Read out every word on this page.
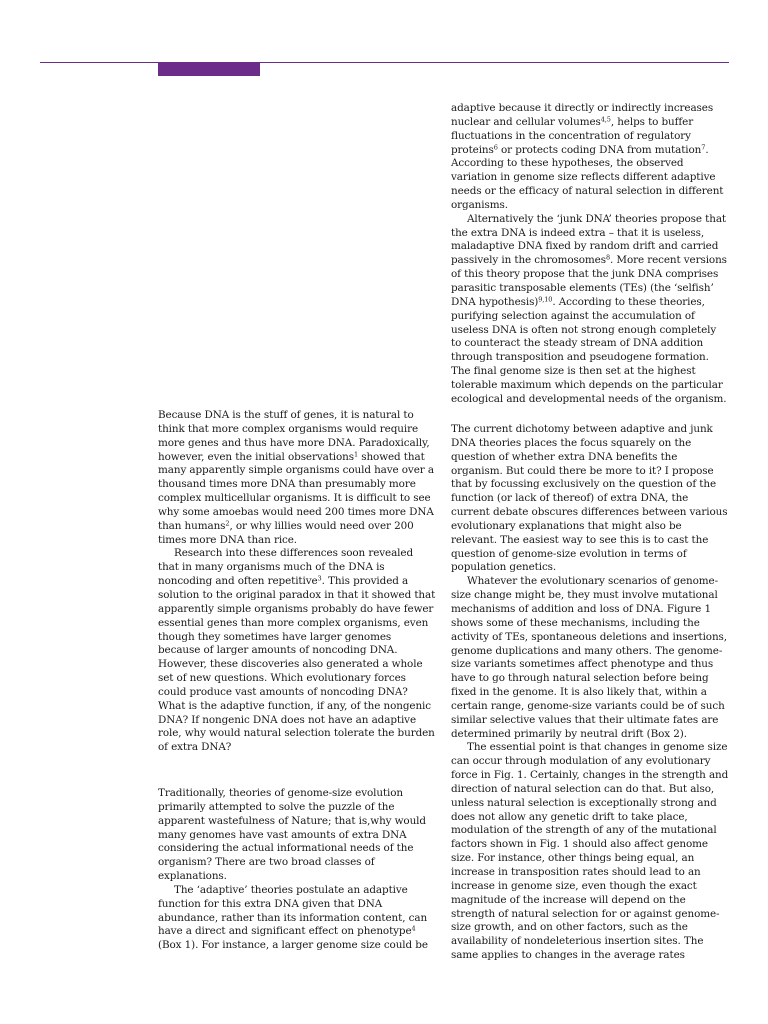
Because DNA is the stuff of genes, it is natural to think that more complex organisms would require more genes and thus have more DNA. Paradoxically, however, even the initial observations$^1$ showed that many apparently simple organisms could have over a thousand times more DNA than presumably more complex multicellular organisms. It is difficult to see why some amoebas would need 200 times more DNA than humans$^2$, or why lillies would need over 200 times more DNA than rice.

Research into these differences soon revealed that in many organisms much of the DNA is noncoding and often repetitive$^3$. This provided a solution to the original paradox in that it showed that apparently simple organisms probably do have fewer essential genes than more complex organisms, even though they sometimes have larger genomes because of larger amounts of noncoding DNA. However, these discoveries also generated a whole set of new questions. Which evolutionary forces could produce vast amounts of noncoding DNA? What is the adaptive function, if any, of the nongenic DNA? If nongenic DNA does not have an adaptive role, why would natural selection tolerate the burden of extra DNA?

Traditionally, theories of genome-size evolution primarily attempted to solve the puzzle of the apparent wastefulness of Nature; that is,why would many genomes have vast amounts of extra DNA considering the actual informational needs of the organism? There are two broad classes of explanations.

The ‘adaptive’ theories postulate an adaptive function for this extra DNA given that DNA abundance, rather than its information content, can have a direct and significant effect on phenotype$^4$ (Box 1). For instance, a larger genome size could be

adaptive because it directly or indirectly increases nuclear and cellular volumes$^{4,5}$, helps to buffer fluctuations in the concentration of regulatory proteins$^6$ or protects coding DNA from mutation$^7$. According to these hypotheses, the observed variation in genome size reflects different adaptive needs or the efficacy of natural selection in different organisms.

Alternatively the ‘junk DNA’ theories propose that the extra DNA is indeed extra – that it is useless, maladaptive DNA fixed by random drift and carried passively in the chromosomes$^8$. More recent versions of this theory propose that the junk DNA comprises parasitic transposable elements (TEs) (the ‘selfish’ DNA hypothesis)$^{9,10}$. According to these theories, purifying selection against the accumulation of useless DNA is often not strong enough completely to counteract the steady stream of DNA addition through transposition and pseudogene formation. The final genome size is then set at the highest tolerable maximum which depends on the particular ecological and developmental needs of the organism.

The current dichotomy between adaptive and junk DNA theories places the focus squarely on the question of whether extra DNA benefits the organism. But could there be more to it? I propose that by focussing exclusively on the question of the function (or lack of thereof) of extra DNA, the current debate obscures differences between various evolutionary explanations that might also be relevant. The easiest way to see this is to cast the question of genome-size evolution in terms of population genetics.

Whatever the evolutionary scenarios of genome-size change might be, they must involve mutational mechanisms of addition and loss of DNA. Figure 1 shows some of these mechanisms, including the activity of TEs, spontaneous deletions and insertions, genome duplications and many others. The genome-size variants sometimes affect phenotype and thus have to go through natural selection before being fixed in the genome. It is also likely that, within a certain range, genome-size variants could be of such similar selective values that their ultimate fates are determined primarily by neutral drift (Box 2).

The essential point is that changes in genome size can occur through modulation of any evolutionary force in Fig. 1. Certainly, changes in the strength and direction of natural selection can do that. But also, unless natural selection is exceptionally strong and does not allow any genetic drift to take place, modulation of the strength of any of the mutational factors shown in Fig. 1 should also affect genome size. For instance, other things being equal, an increase in transposition rates should lead to an increase in genome size, even though the exact magnitude of the increase will depend on the strength of natural selection for or against genome-size growth, and on other factors, such as the availability of nondeleterious insertion sites. The same applies to changes in the average rates
